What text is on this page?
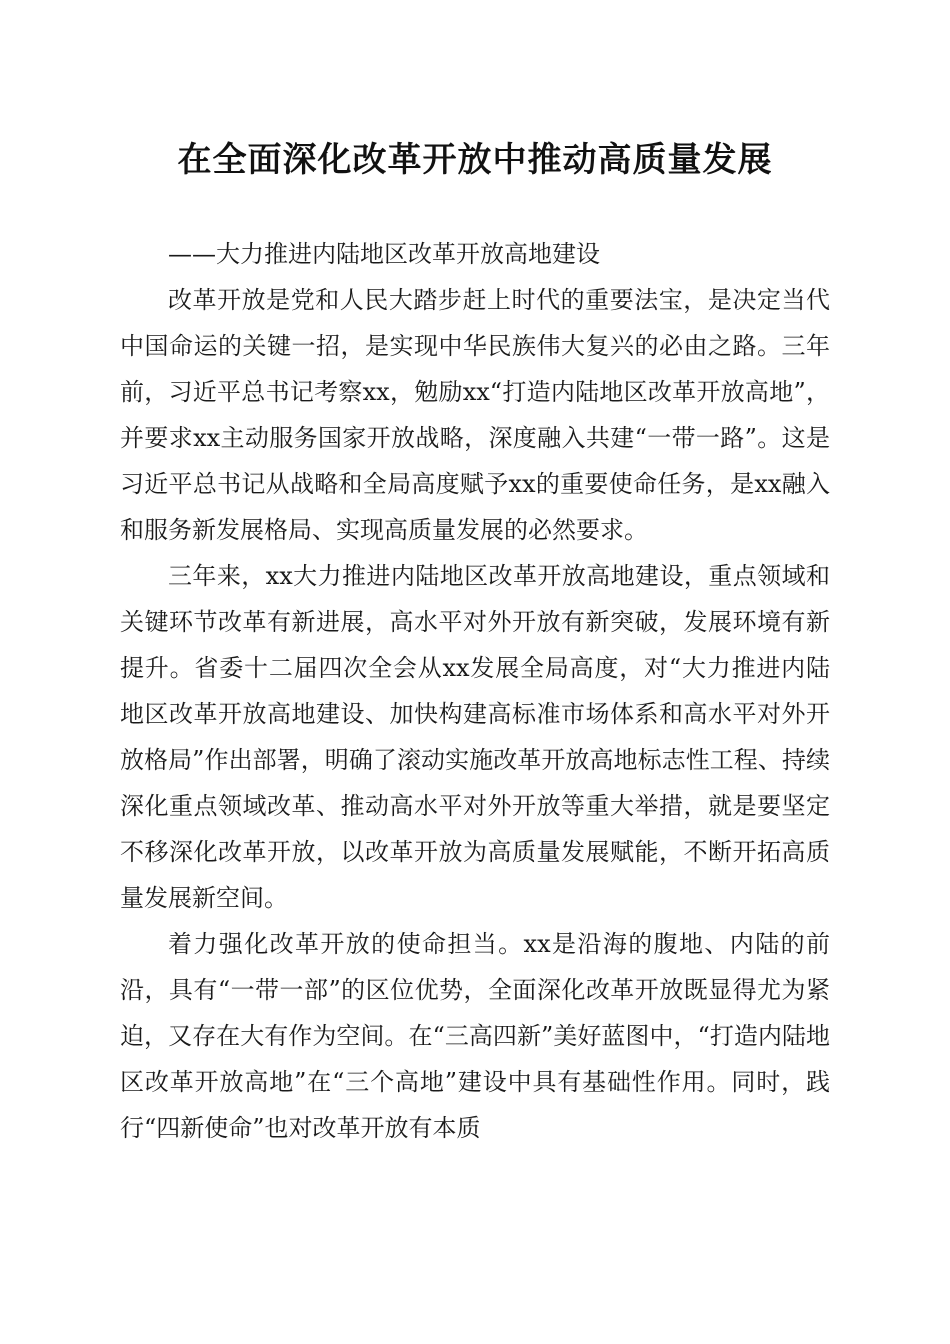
在全面深化改革开放中推动高质量发展

——大力推进内陆地区改革开放高地建设

改革开放是党和人民大踏步赶上时代的重要法宝，是决定当代中国命运的关键一招，是实现中华民族伟大复兴的必由之路。三年前，习近平总书记考察xx，勉励xx“打造内陆地区改革开放高地”，并要求xx主动服务国家开放战略，深度融入共建“一带一路”。这是习近平总书记从战略和全局高度赋予xx的重要使命任务，是xx融入和服务新发展格局、实现高质量发展的必然要求。

三年来，xx大力推进内陆地区改革开放高地建设，重点领域和关键环节改革有新进展，高水平对外开放有新突破，发展环境有新提升。省委十二届四次全会从xx发展全局高度，对“大力推进内陆地区改革开放高地建设、加快构建高标准市场体系和高水平对外开放格局”作出部署，明确了滚动实施改革开放高地标志性工程、持续深化重点领域改革、推动高水平对外开放等重大举措，就是要坚定不移深化改革开放，以改革开放为高质量发展赋能，不断开拓高质量发展新空间。

着力强化改革开放的使命担当。xx是沿海的腹地、内陆的前沿，具有“一带一部”的区位优势，全面深化改革开放既显得尤为紧迫，又存在大有作为空间。在“三高四新”美好蓝图中，“打造内陆地区改革开放高地”在“三个高地”建设中具有基础性作用。同时，践行“四新使命”也对改革开放有本质
